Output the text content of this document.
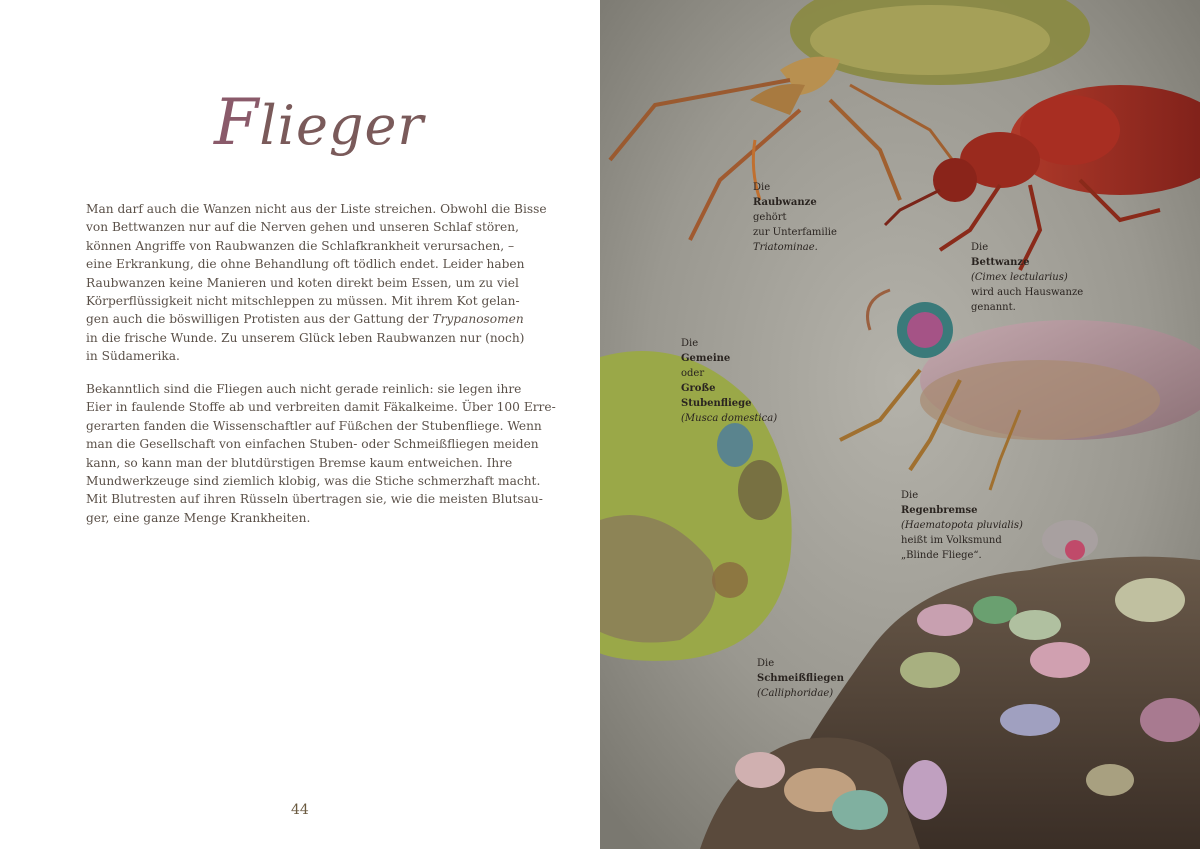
Flieger
Man darf auch die Wanzen nicht aus der Liste streichen. Obwohl die Bisse
von Bettwanzen nur auf die Nerven gehen und unseren Schlaf stören,
können Angriffe von Raubwanzen die Schlafkrankheit verursachen, –
eine Erkrankung, die ohne Behandlung oft tödlich endet. Leider haben
Raubwanzen keine Manieren und koten direkt beim Essen, um zu viel
Körperflüssigkeit nicht mitschleppen zu müssen. Mit ihrem Kot gelan-
gen auch die böswilligen Protisten aus der Gattung der Trypanosomen
in die frische Wunde. Zu unserem Glück leben Raubwanzen nur (noch)
in Südamerika.
Bekanntlich sind die Fliegen auch nicht gerade reinlich: sie legen ihre
Eier in faulende Stoffe ab und verbreiten damit Fäkalkeime. Über 100 Erre-
gerarten fanden die Wissenschaftler auf Füßchen der Stubenfliege. Wenn
man die Gesellschaft von einfachen Stuben- oder Schmeißfliegen meiden
kann, so kann man der blutdürstigen Bremse kaum entweichen. Ihre
Mundwerkzeuge sind ziemlich klobig, was die Stiche schmerzhaft macht.
Mit Blutresten auf ihren Rüsseln übertragen sie, wie die meisten Blutsau-
ger, eine ganze Menge Krankheiten.
44
Die
Raubwanze
gehört
zur Unterfamilie
Triatominae.	Die
Bettwanze
(Cimex lectularius)
wird auch Hauswanze
genannt.
Die
Gemeine
oder
Große
Stubenfliege
(Musca domestica)
Die
Regenbremse
(Haematopota pluvialis)
heißt im Volksmund
„Blinde Fliege“.
Die
Schmeißfliegen
(Calliphoridae)
